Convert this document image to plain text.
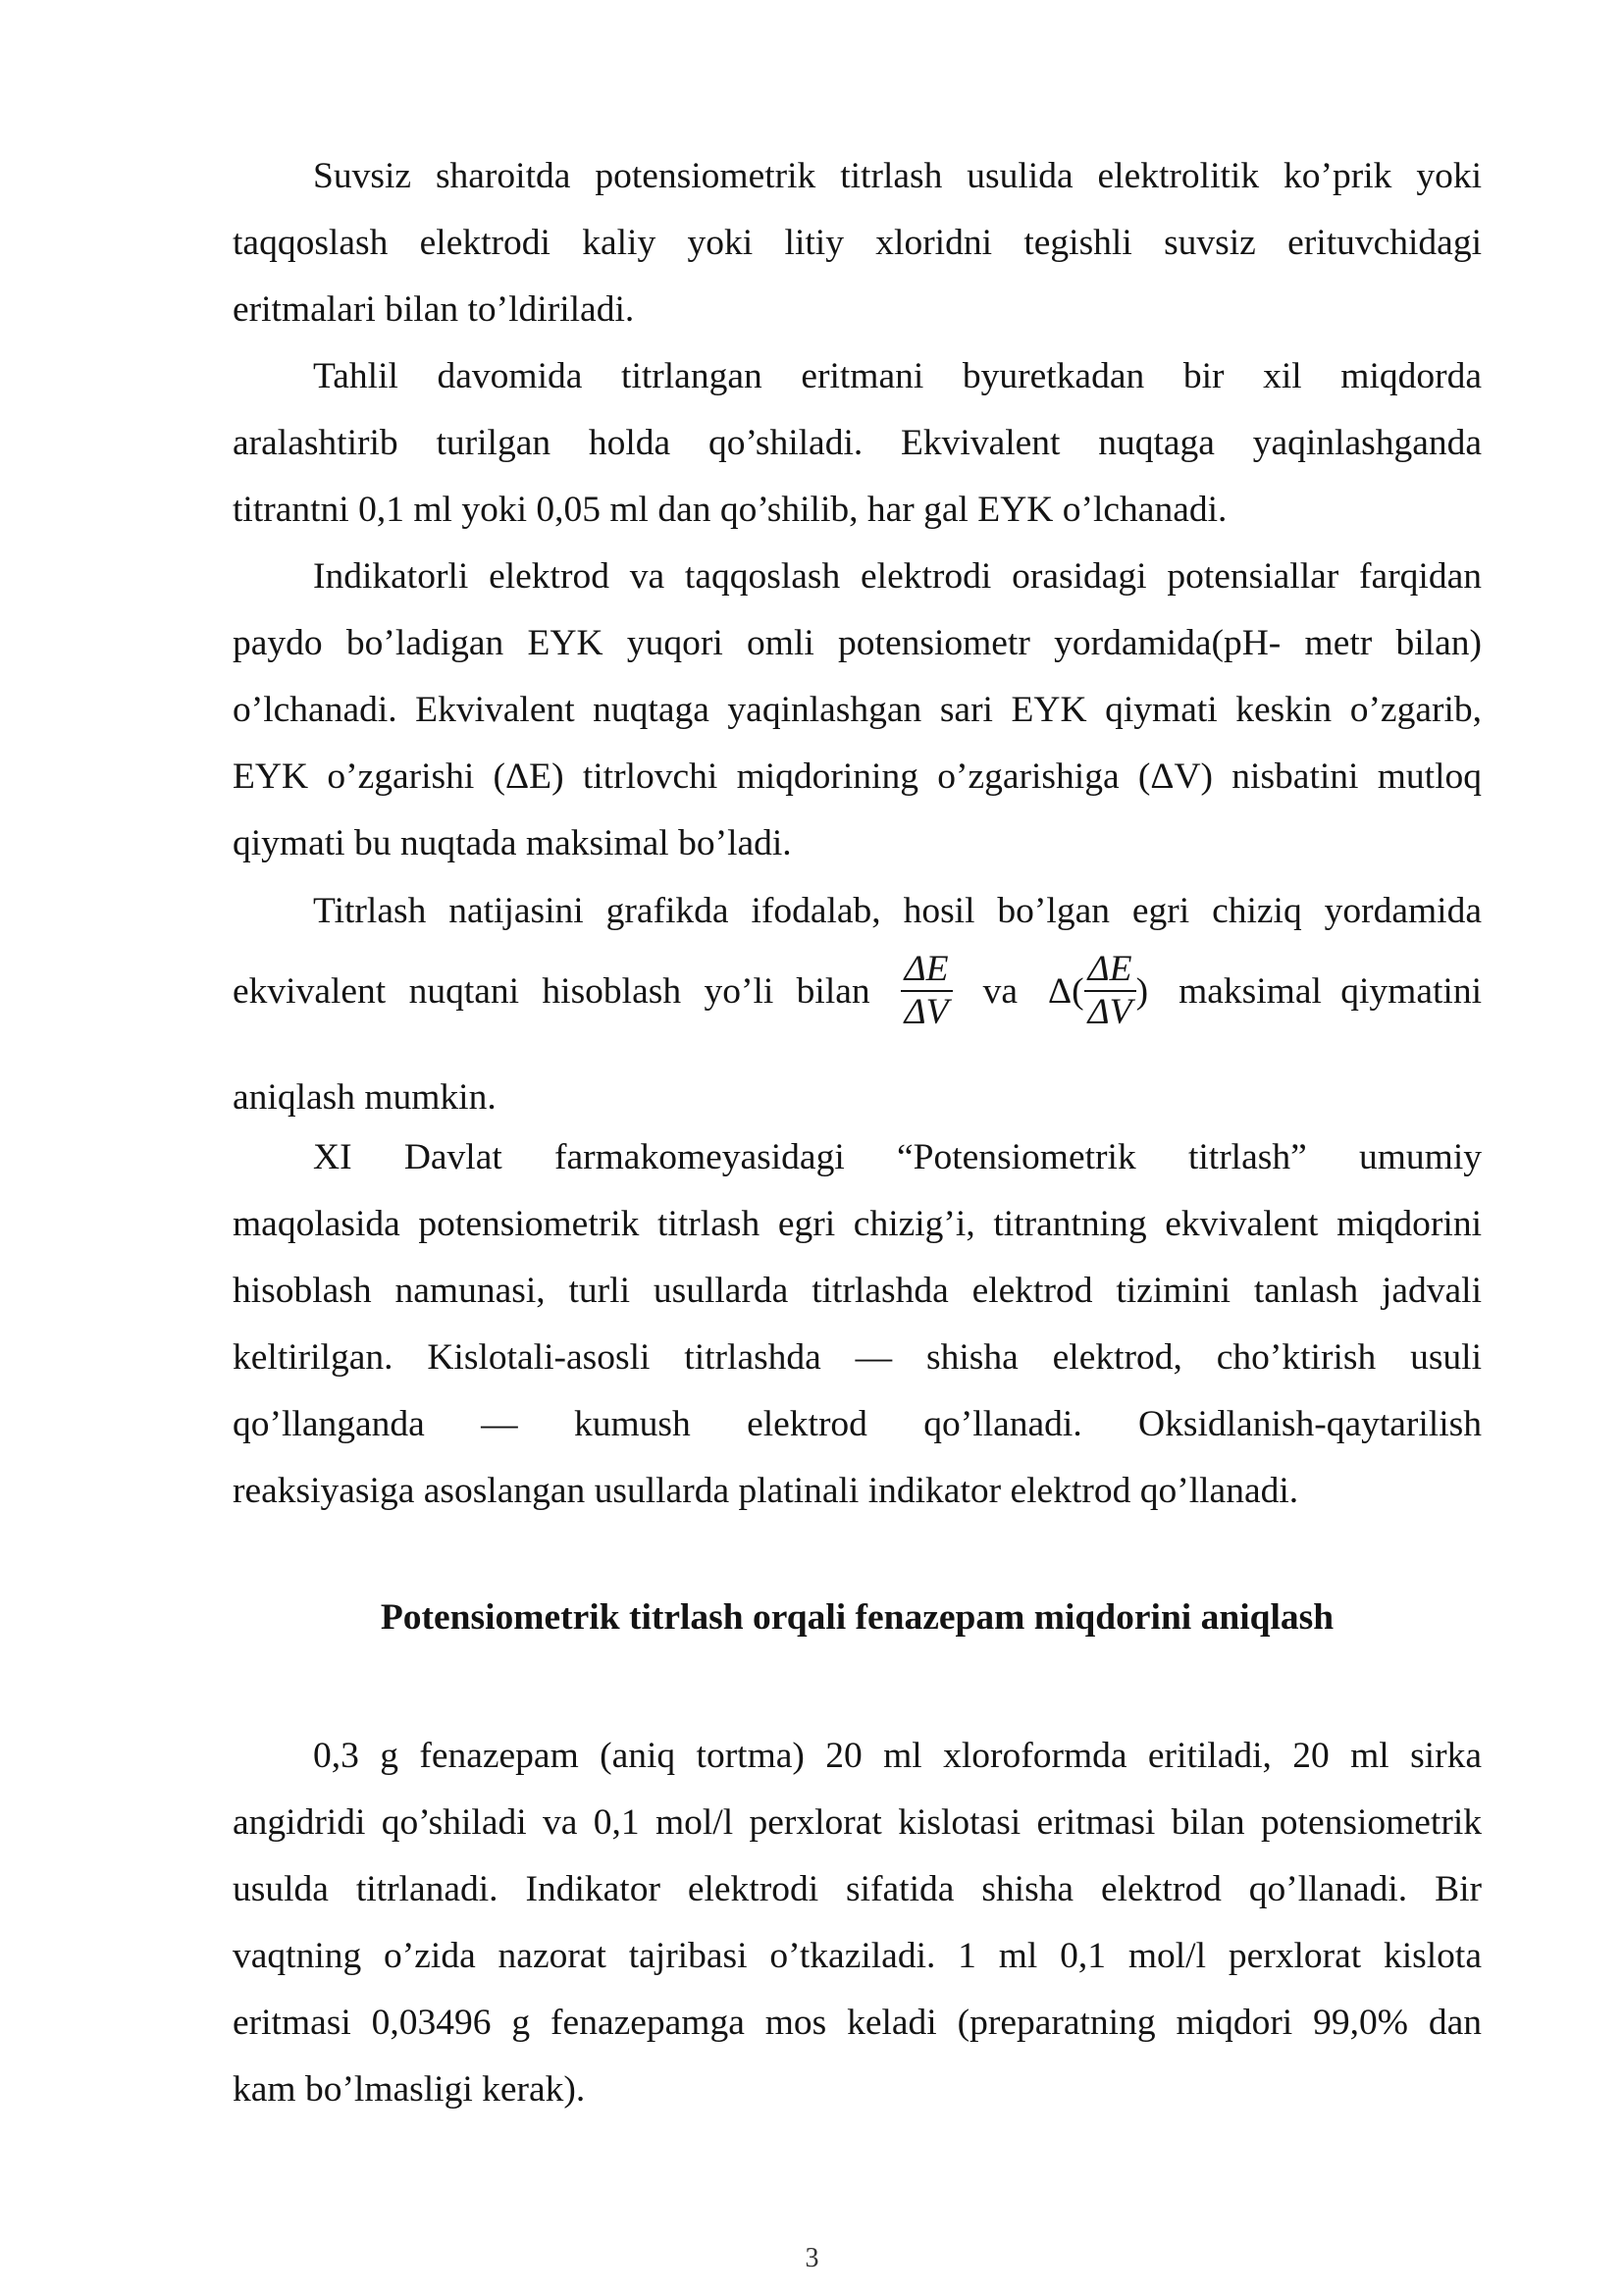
Suvsiz sharoitda potensiometrik titrlash usulida elektrolitik ko’prik yoki
taqqoslash elektrodi kaliy yoki litiy xloridni tegishli suvsiz erituvchidagi
eritmalari bilan to’ldiriladi.
Tahlil davomida titrlangan eritmani byuretkadan bir xil miqdorda
aralashtirib turilgan holda qo’shiladi. Ekvivalent nuqtaga yaqinlashganda
titrantni 0,1 ml yoki 0,05 ml dan qo’shilib, har gal EYK o’lchanadi.
Indikatorli elektrod va taqqoslash elektrodi orasidagi potensiallar farqidan
paydo bo’ladigan EYK yuqori omli potensiometr yordamida(pH- metr bilan)
o’lchanadi. Ekvivalent nuqtaga yaqinlashgan sari EYK qiymati keskin o’zgarib,
EYK o’zgarishi (ΔE) titrlovchi miqdorining o’zgarishiga (ΔV) nisbatini mutloq
qiymati bu nuqtada maksimal bo’ladi.
Titrlash natijasini grafikda ifodalab, hosil bo’lgan egri chiziq yordamida
ekvivalent nuqtani hisoblash yo’li bilan $\frac{\Delta E}{\Delta V}$ va $\Delta( \frac{\Delta E}{\Delta V}$ ) maksimal qiymatini
aniqlash mumkin.
XI Davlat farmakomeyasidagi “Potensiometrik titrlash” umumiy
maqolasida potensiometrik titrlash egri chizig’i, titrantning ekvivalent miqdorini
hisoblash namunasi, turli usullarda titrlashda elektrod tizimini tanlash jadvali
keltirilgan. Kislotali-asosli titrlashda — shisha elektrod, cho’ktirish usuli
qo’llanganda — kumush elektrod qo’llanadi. Oksidlanish-qaytarilish
reaksiyasiga asoslangan usullarda platinali indikator elektrod qo’llanadi.
Potensiometrik titrlash orqali fenazepam miqdorini aniqlash
0,3 g fenazepam (aniq tortma) 20 ml xloroformda eritiladi, 20 ml sirka
angidridi qo’shiladi va 0,1 mol/l perxlorat kislotasi eritmasi bilan potensiometrik
usulda titrlanadi. Indikator elektrodi sifatida shisha elektrod qo’llanadi. Bir
vaqtning o’zida nazorat tajribasi o’tkaziladi. 1 ml 0,1 mol/l perxlorat kislota
eritmasi 0,03496 g fenazepamga mos keladi (preparatning miqdori 99,0% dan
kam bo’lmasligi kerak).
3
